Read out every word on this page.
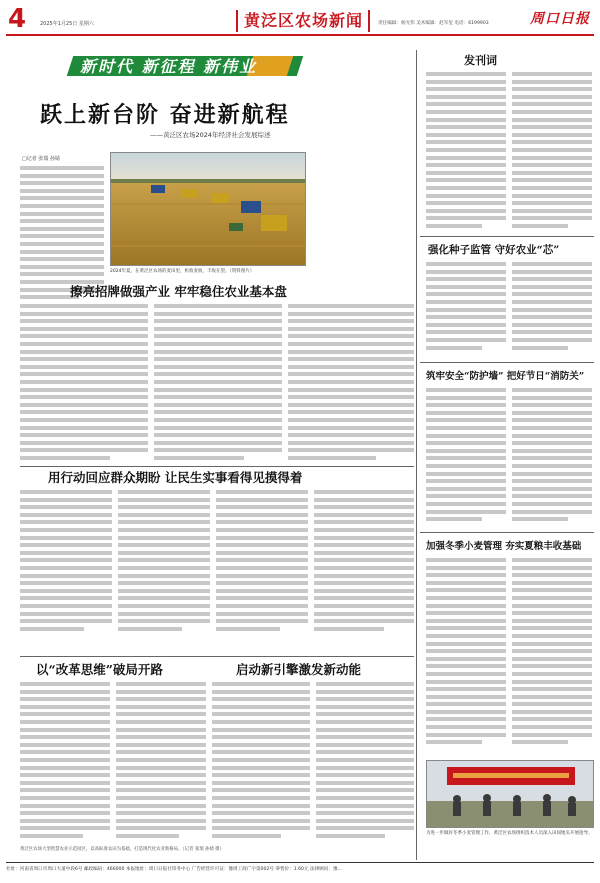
4	2025年1月25日 星期六	黄泛区农场新闻	责任编辑：杨光伟 美术编辑：赵军玺 电话：6199903	周口日报
新时代 新征程 新伟业
跃上新台阶 奋进新航程
——黄泛区农场2024年经济社会发展综述
□记者 张瑞 孙婧
2024年夏，在黄泛区农场的麦田里，机收麦收，丰收在望。（资料图片）
擦亮招牌做强产业 牢牢稳住农业基本盘
用行动回应群众期盼 让民生实事看得见摸得着
以“改革思维”破局开路	启动新引擎激发新动能
黄泛区农场大型智慧农业示范园区，以高标准农田为基础，打造现代化农业新格局。（记者 张瑞 孙婧 摄）
发刊词
强化种子监管 守好农业“芯”
筑牢安全“防护墙” 把好节日“消防关”
加强冬季小麦管理 夯实夏粮丰收基础
为进一步做好冬季小麦管理工作，黄泛区农场组织技术人员深入田间地头开展指导。
社址：河南省周口市周口大道中段6号 邮政编码：466000 本报地址：周口日报社印务中心 广告经营许可证：豫周工商广字第002号 零售价：1.60元 法律顾问：豫...
